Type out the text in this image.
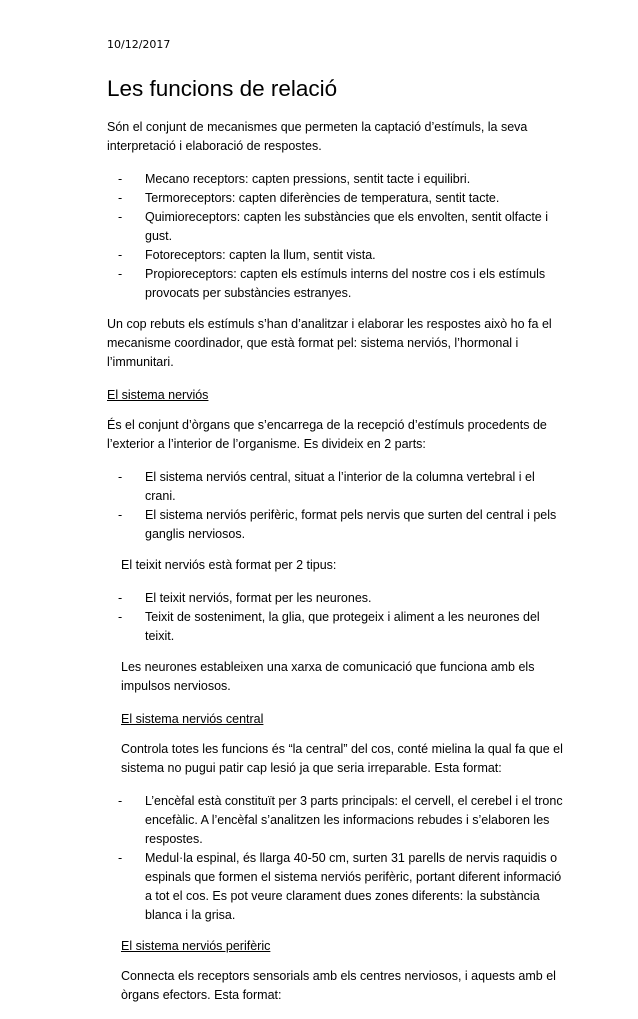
10/12/2017
Les funcions de relació

Són el conjunt de mecanismes que permeten la captació d’estímuls, la seva interpretació i elaboració de respostes.

- Mecano receptors: capten pressions, sentit tacte i equilibri.
- Termoreceptors: capten diferències de temperatura, sentit tacte.
- Quimioreceptors: capten les substàncies que els envolten, sentit olfacte i gust.
- Fotoreceptors: capten la llum, sentit vista.
- Propioreceptors: capten els estímuls interns del nostre cos i els estímuls provocats per substàncies estranyes.

Un cop rebuts els estímuls s’han d’analitzar i elaborar les respostes això ho fa el mecanisme coordinador, que està format pel: sistema nerviós, l’hormonal i l’immunitari.

El sistema nerviós

És el conjunt d’òrgans que s’encarrega de la recepció d’estímuls procedents de l’exterior a l’interior de l’organisme. Es divideix en 2 parts:

- El sistema nerviós central, situat a l’interior de la columna vertebral i el crani.
- El sistema nerviós perifèric, format pels nervis que surten del central i pels ganglis nerviosos.

El teixit nerviós està format per 2 tipus:

- El teixit nerviós, format per les neurones.
- Teixit de sosteniment, la glia, que protegeix i aliment a les neurones del teixit.

Les neurones estableixen una xarxa de comunicació que funciona amb els impulsos nerviosos.

El sistema nerviós central

Controla totes les funcions és “la central” del cos, conté mielina la qual fa que el sistema no pugui patir cap lesió ja que seria irreparable. Esta format:

- L’encèfal està constituït per 3 parts principals: el cervell, el cerebel i el tronc encefàlic. A l’encèfal s’analitzen les informacions rebudes i s’elaboren les respostes.
- Medul·la espinal, és llarga 40-50 cm, surten 31 parells de nervis raquidis o espinals que formen el sistema nerviós perifèric, portant diferent informació a tot el cos. Es pot veure clarament dues zones diferents: la substància blanca i la grisa.

El sistema nerviós perifèric

Connecta els receptors sensorials amb els centres nerviosos, i aquests amb el òrgans efectors. Esta format:
